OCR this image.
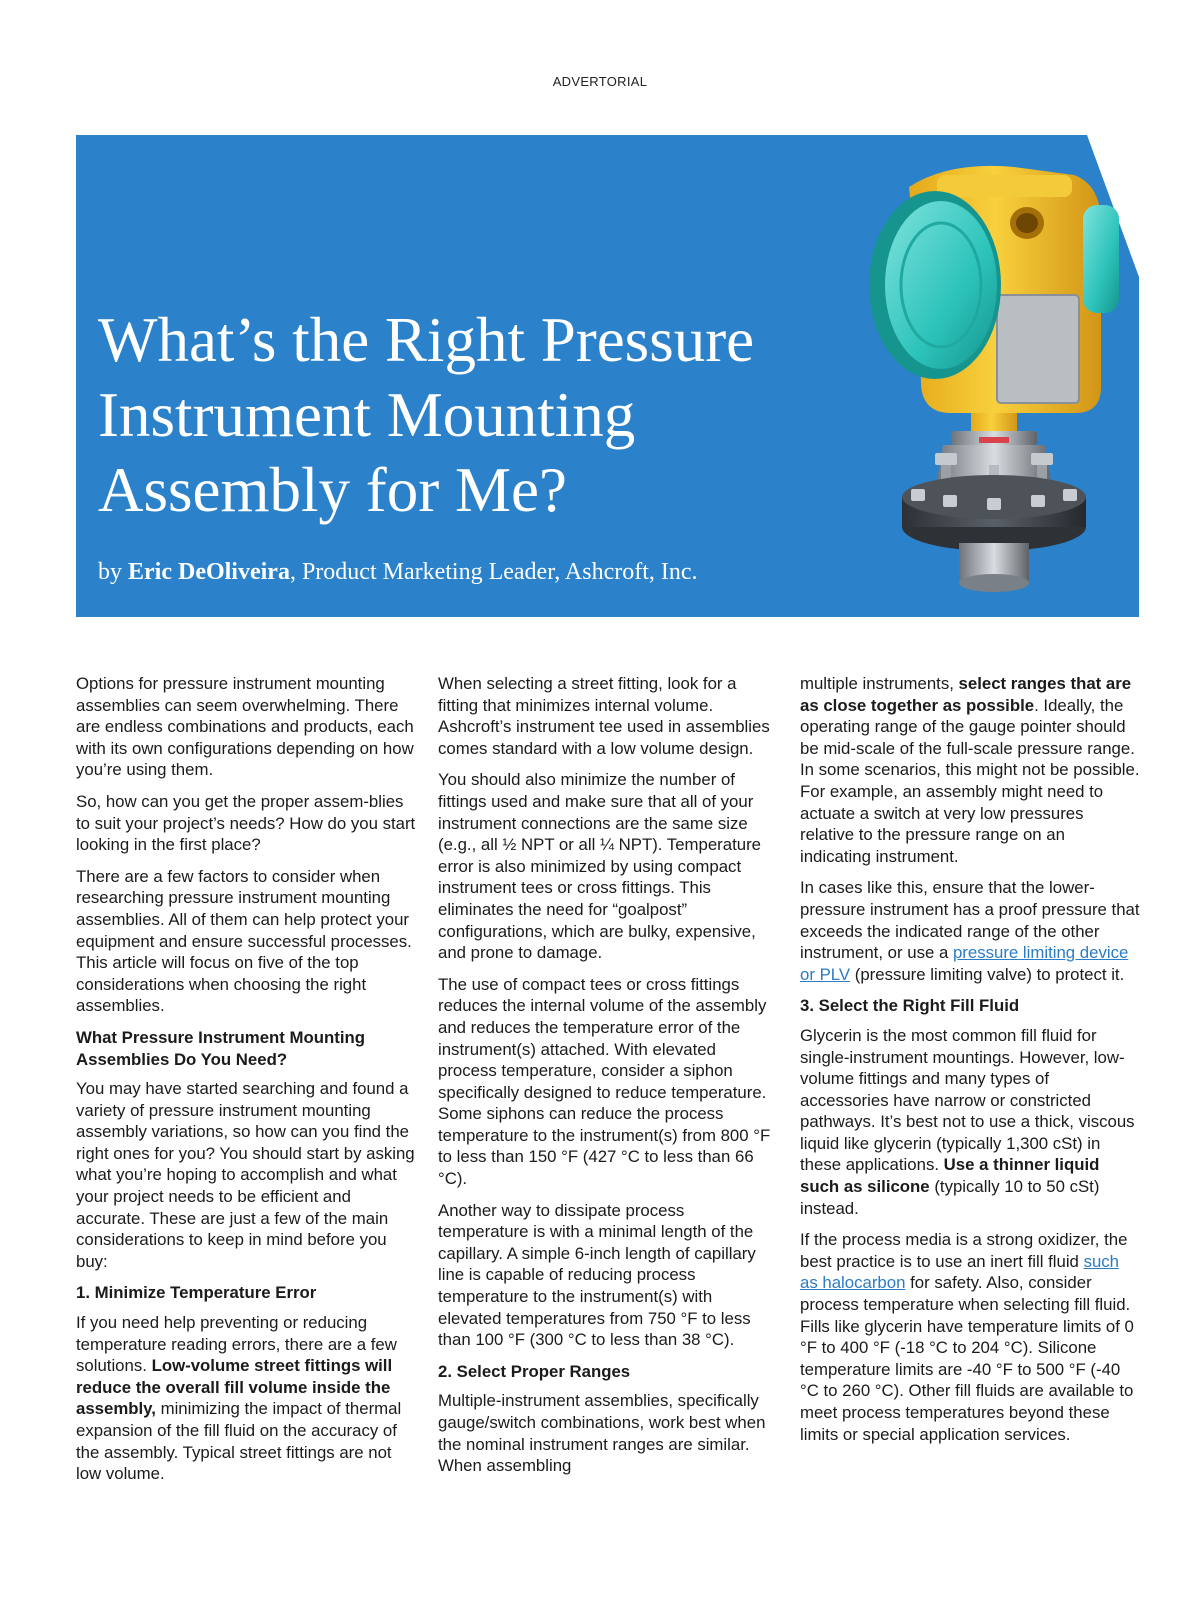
ADVERTORIAL
What’s the Right Pressure
Instrument Mounting
Assembly for Me?
by Eric DeOliveira, Product Marketing Leader, Ashcroft, Inc.

Options for pressure instrument mounting assemblies can seem overwhelming. There are endless combinations and products, each with its own configurations depending on how you’re using them.

So, how can you get the proper assem-blies to suit your project’s needs? How do you start looking in the first place?

There are a few factors to consider when researching pressure instrument mounting assemblies. All of them can help protect your equipment and ensure successful processes. This article will focus on five of the top considerations when choosing the right assemblies.

What Pressure Instrument Mounting Assemblies Do You Need?

You may have started searching and found a variety of pressure instrument mounting assembly variations, so how can you find the right ones for you? You should start by asking what you’re hoping to accomplish and what your project needs to be efficient and accurate. These are just a few of the main considerations to keep in mind before you buy:

1. Minimize Temperature Error

If you need help preventing or reducing temperature reading errors, there are a few solutions. Low-volume street fittings will reduce the overall fill volume inside the assembly, minimizing the impact of thermal expansion of the fill fluid on the accuracy of the assembly. Typical street fittings are not low volume.

When selecting a street fitting, look for a fitting that minimizes internal volume. Ashcroft’s instrument tee used in assemblies comes standard with a low volume design.

You should also minimize the number of fittings used and make sure that all of your instrument connections are the same size (e.g., all ½ NPT or all ¼ NPT). Temperature error is also minimized by using compact instrument tees or cross fittings. This eliminates the need for “goalpost” configurations, which are bulky, expensive, and prone to damage.

The use of compact tees or cross fittings reduces the internal volume of the assembly and reduces the temperature error of the instrument(s) attached. With elevated process temperature, consider a siphon specifically designed to reduce temperature. Some siphons can reduce the process temperature to the instrument(s) from 800 °F to less than 150 °F (427 °C to less than 66 °C).

Another way to dissipate process temperature is with a minimal length of the capillary. A simple 6-inch length of capillary line is capable of reducing process temperature to the instrument(s) with elevated temperatures from 750 °F to less than 100 °F (300 °C to less than 38 °C).

2. Select Proper Ranges

Multiple-instrument assemblies, specifically gauge/switch combinations, work best when the nominal instrument ranges are similar. When assembling

multiple instruments, select ranges that are as close together as possible. Ideally, the operating range of the gauge pointer should be mid-scale of the full-scale pressure range. In some scenarios, this might not be possible. For example, an assembly might need to actuate a switch at very low pressures relative to the pressure range on an indicating instrument.

In cases like this, ensure that the lower-pressure instrument has a proof pressure that exceeds the indicated range of the other instrument, or use a pressure limiting device or PLV (pressure limiting valve) to protect it.

3. Select the Right Fill Fluid

Glycerin is the most common fill fluid for single-instrument mountings. However, low-volume fittings and many types of accessories have narrow or constricted pathways. It’s best not to use a thick, viscous liquid like glycerin (typically 1,300 cSt) in these applications. Use a thinner liquid such as silicone (typically 10 to 50 cSt) instead.

If the process media is a strong oxidizer, the best practice is to use an inert fill fluid such as halocarbon for safety. Also, consider process temperature when selecting fill fluid. Fills like glycerin have temperature limits of 0 °F to 400 °F (-18 °C to 204 °C). Silicone temperature limits are -40 °F to 500 °F (-40 °C to 260 °C). Other fill fluids are available to meet process temperatures beyond these limits or special application services.
